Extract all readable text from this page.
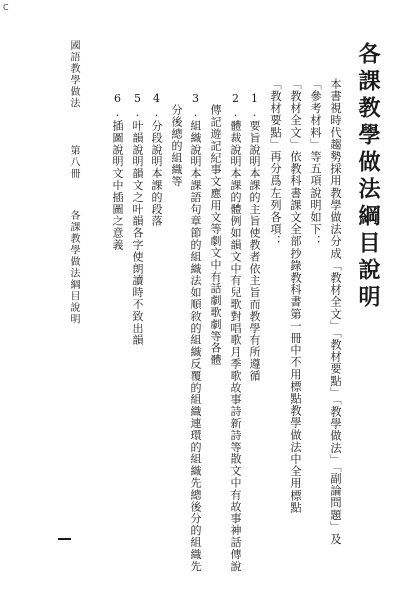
C
各課教學做法綱目說明
本書視時代趨勢採用教學做法分成「教材全文」「教材要點」「教學做法」「副論問題」及
「參考材料」等五項說明如下：
「教材全文」依教科書課文全部抄錄教科書第一冊中不用標點教學做法中全用標點
「教材要點」再分爲左列各項：
1.要旨說明本課的主旨使教者依主旨而教學有所遵循
2.體裁說明本課的體例如韻文中有兒歌對唱歌月季歌故事詩新詩等散文中有故事神話傳說
傳記遊記紀事文應用文等劇文中有話劇歌劇等各體
3.組織說明本課語句章節的組織法如順敘的組織反覆的組織連環的組織先總後分的組織先
分後總的組織等
4.分段說明本課的段落
5.叶韻說明韻文之叶韻各字使朗讀時不致出韻
6.插圖說明文中插圖之意義
國語教學做法
第八冊
各課教學做法綱目說明
